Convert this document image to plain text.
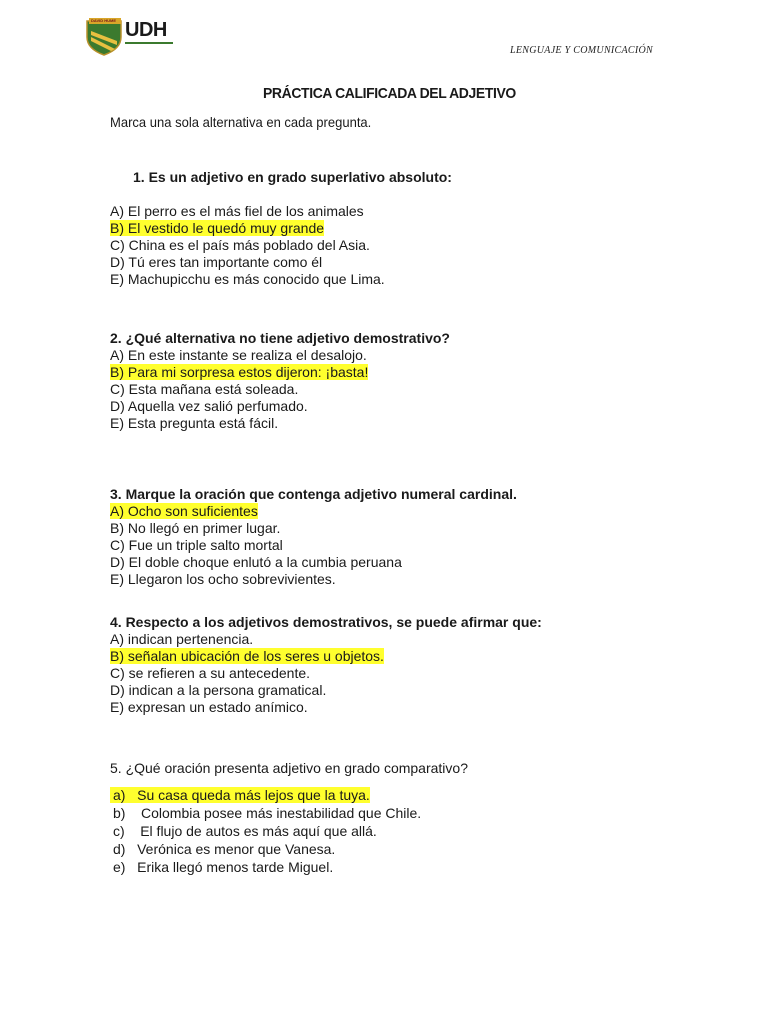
DAVID HUME UDH
LENGUAJE Y COMUNICACIÓN
PRÁCTICA CALIFICADA DEL ADJETIVO
Marca una sola alternativa en cada pregunta.
1. Es un adjetivo en grado superlativo absoluto:
A) El perro es el más fiel de los animales
B) El vestido le quedó muy grande
C) China es el país más poblado del Asia.
D) Tú eres tan importante como él
E) Machupicchu es más conocido que Lima.
2. ¿Qué alternativa no tiene adjetivo demostrativo?
A) En este instante se realiza el desalojo.
B) Para mi sorpresa estos dijeron: ¡basta!
C) Esta mañana está soleada.
D) Aquella vez salió perfumado.
E) Esta pregunta está fácil.
3. Marque la oración que contenga adjetivo numeral cardinal.
A) Ocho son suficientes
B) No llegó en primer lugar.
C) Fue un triple salto mortal
D) El doble choque enlutó a la cumbia peruana
E) Llegaron los ocho sobrevivientes.
4. Respecto a los adjetivos demostrativos, se puede afirmar que:
A) indican pertenencia.
B) señalan ubicación de los seres u objetos.
C) se refieren a su antecedente.
D) indican a la persona gramatical.
E) expresan un estado anímico.
5. ¿Qué oración presenta adjetivo en grado comparativo?
a)   Su casa queda más lejos que la tuya.
b)    Colombia posee más inestabilidad que Chile.
c)    El flujo de autos es más aquí que allá.
d)   Verónica es menor que Vanesa.
e)   Erika llegó menos tarde Miguel.
